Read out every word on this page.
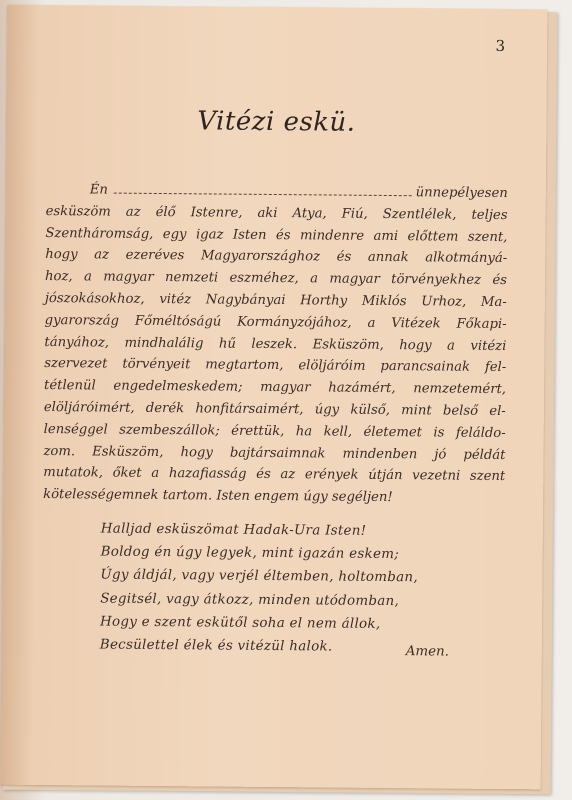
3
Vitézi eskü.
Én	ünnepélyesen
esküszöm az élő Istenre, aki Atya, Fiú, Szentlélek, teljes
Szentháromság, egy igaz Isten és mindenre ami előttem szent,
hogy az ezeréves Magyarországhoz és annak alkotmányá-
hoz, a magyar nemzeti eszméhez, a magyar törvényekhez és
jószokásokhoz, vitéz Nagybányai Horthy Miklós Urhoz, Ma-
gyarország Főméltóságú Kormányzójához, a Vitézek Főkapi-
tányához, mindhalálig hű leszek. Esküszöm, hogy a vitézi
szervezet törvényeit megtartom, elöljáróim parancsainak fel-
tétlenül engedelmeskedem; magyar hazámért, nemzetemért,
elöljáróimért, derék honfitársaimért, úgy külső, mint belső el-
lenséggel szembeszállok; érettük, ha kell, életemet is feláldo-
zom. Esküszöm, hogy bajtársaimnak mindenben jó példát
mutatok, őket a hazafiasság és az erények útján vezetni szent
kötelességemnek tartom. Isten engem úgy segéljen!
Halljad esküszömat Hadak-Ura Isten!
Boldog én úgy legyek, mint igazán eskem;
Úgy áldjál, vagy verjél éltemben, holtomban,
Segitsél, vagy átkozz, minden utódomban,
Hogy e szent eskütől soha el nem állok,
Becsülettel élek és vitézül halok.	Amen.
